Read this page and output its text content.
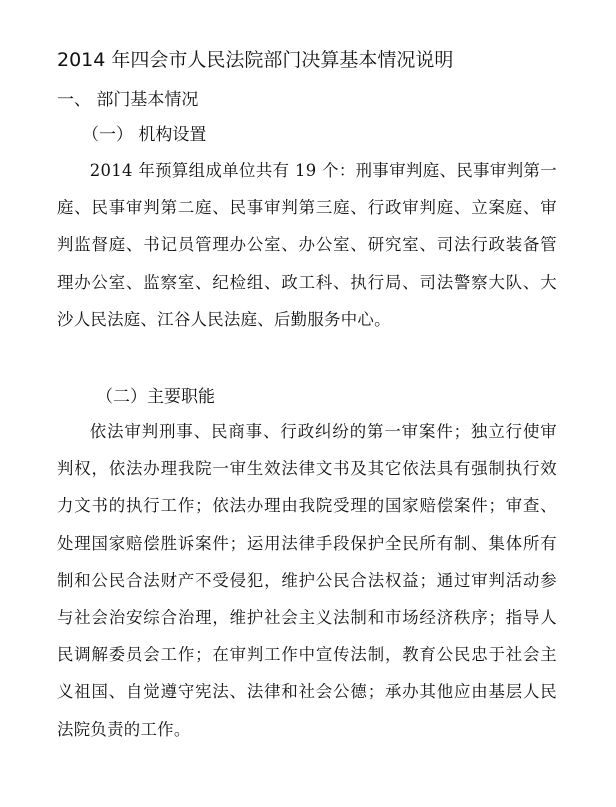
2014 年四会市人民法院部门决算基本情况说明
一、 部门基本情况
（一） 机构设置
2014 年预算组成单位共有 19 个：刑事审判庭、民事审判第一庭、民事审判第二庭、民事审判第三庭、行政审判庭、立案庭、审判监督庭、书记员管理办公室、办公室、研究室、司法行政装备管理办公室、监察室、纪检组、政工科、执行局、司法警察大队、大沙人民法庭、江谷人民法庭、后勤服务中心。
（二）主要职能
依法审判刑事、民商事、行政纠纷的第一审案件；独立行使审判权，依法办理我院一审生效法律文书及其它依法具有强制执行效力文书的执行工作；依法办理由我院受理的国家赔偿案件；审查、处理国家赔偿胜诉案件；运用法律手段保护全民所有制、集体所有制和公民合法财产不受侵犯，维护公民合法权益；通过审判活动参与社会治安综合治理，维护社会主义法制和市场经济秩序；指导人民调解委员会工作；在审判工作中宣传法制，教育公民忠于社会主义祖国、自觉遵守宪法、法律和社会公德；承办其他应由基层人民法院负责的工作。
